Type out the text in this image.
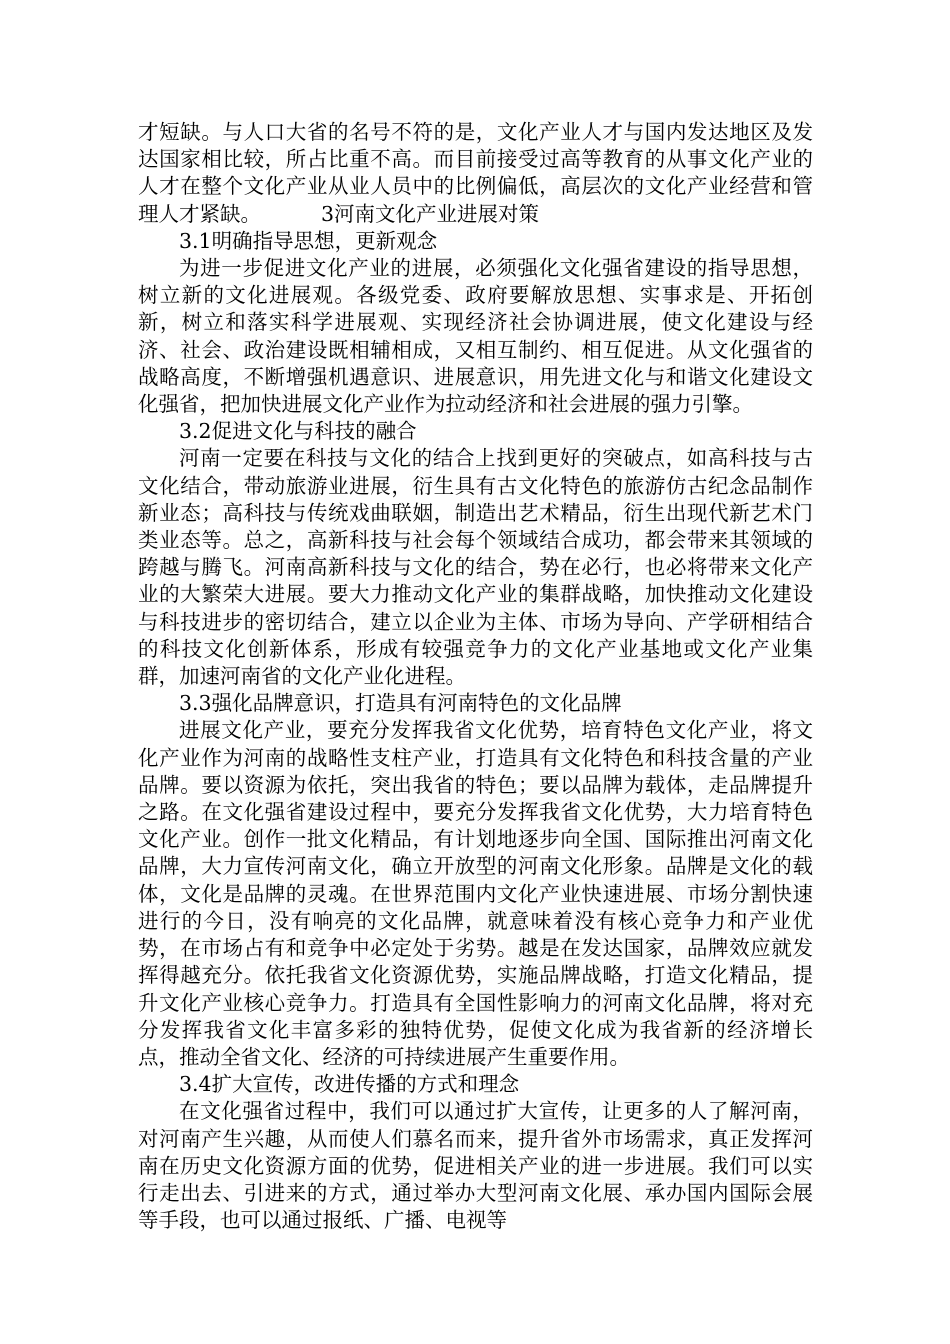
才短缺。与人口大省的名号不符的是，文化产业人才与国内发达地区及发达国家相比较，所占比重不高。而目前接受过高等教育的从事文化产业的人才在整个文化产业从业人员中的比例偏低，高层次的文化产业经营和管理人才紧缺。	3河南文化产业进展对策

3.1明确指导思想，更新观念

为进一步促进文化产业的进展，必须强化文化强省建设的指导思想，树立新的文化进展观。各级党委、政府要解放思想、实事求是、开拓创新，树立和落实科学进展观、实现经济社会协调进展，使文化建设与经济、社会、政治建设既相辅相成，又相互制约、相互促进。从文化强省的战略高度，不断增强机遇意识、进展意识，用先进文化与和谐文化建设文化强省，把加快进展文化产业作为拉动经济和社会进展的强力引擎。

3.2促进文化与科技的融合

河南一定要在科技与文化的结合上找到更好的突破点，如高科技与古文化结合，带动旅游业进展，衍生具有古文化特色的旅游仿古纪念品制作新业态；高科技与传统戏曲联姻，制造出艺术精品，衍生出现代新艺术门类业态等。总之，高新科技与社会每个领域结合成功，都会带来其领域的跨越与腾飞。河南高新科技与文化的结合，势在必行，也必将带来文化产业的大繁荣大进展。要大力推动文化产业的集群战略，加快推动文化建设与科技进步的密切结合，建立以企业为主体、市场为导向、产学研相结合的科技文化创新体系，形成有较强竞争力的文化产业基地或文化产业集群，加速河南省的文化产业化进程。

3.3强化品牌意识，打造具有河南特色的文化品牌

进展文化产业，要充分发挥我省文化优势，培育特色文化产业，将文化产业作为河南的战略性支柱产业，打造具有文化特色和科技含量的产业品牌。要以资源为依托，突出我省的特色；要以品牌为载体，走品牌提升之路。在文化强省建设过程中，要充分发挥我省文化优势，大力培育特色文化产业。创作一批文化精品，有计划地逐步向全国、国际推出河南文化品牌，大力宣传河南文化，确立开放型的河南文化形象。品牌是文化的载体，文化是品牌的灵魂。在世界范围内文化产业快速进展、市场分割快速进行的今日，没有响亮的文化品牌，就意味着没有核心竞争力和产业优势，在市场占有和竞争中必定处于劣势。越是在发达国家，品牌效应就发挥得越充分。依托我省文化资源优势，实施品牌战略，打造文化精品，提升文化产业核心竞争力。打造具有全国性影响力的河南文化品牌，将对充分发挥我省文化丰富多彩的独特优势，促使文化成为我省新的经济增长点，推动全省文化、经济的可持续进展产生重要作用。

3.4扩大宣传，改进传播的方式和理念

在文化强省过程中，我们可以通过扩大宣传，让更多的人了解河南，对河南产生兴趣，从而使人们慕名而来，提升省外市场需求，真正发挥河南在历史文化资源方面的优势，促进相关产业的进一步进展。我们可以实行走出去、引进来的方式，通过举办大型河南文化展、承办国内国际会展等手段，也可以通过报纸、广播、电视等
